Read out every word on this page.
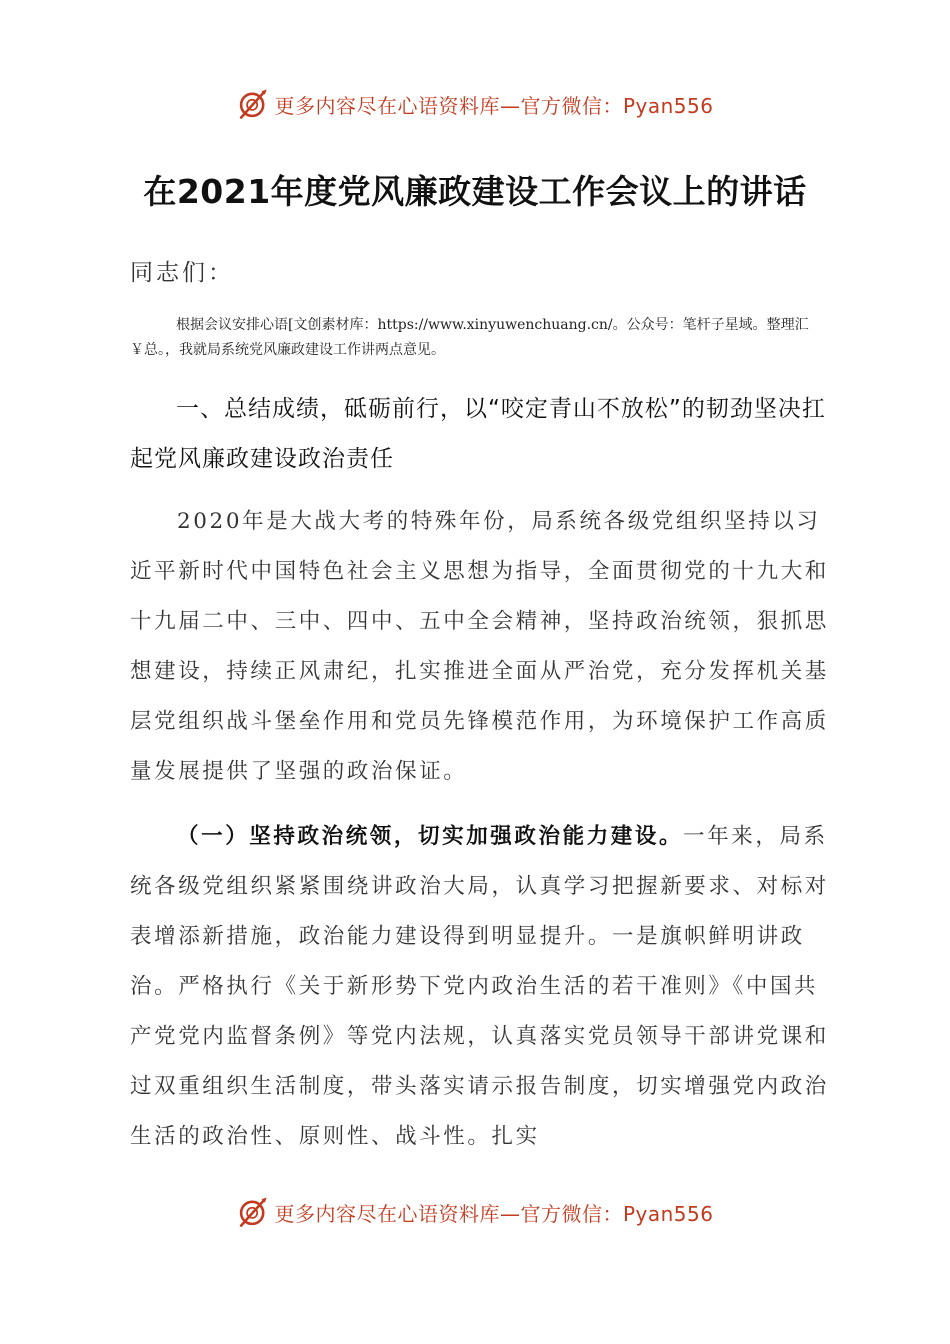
更多内容尽在心语资料库—官方微信：Pyan556
在2021年度党风廉政建设工作会议上的讲话
同志们：
根据会议安排心语[文创素材库：https://www.xinyuwenchuang.cn/。公众号：笔杆子星域。整理汇￥总。，我就局系统党风廉政建设工作讲两点意见。
一、总结成绩，砥砺前行，以“咬定青山不放松”的韧劲坚决扛起党风廉政建设政治责任
2020年是大战大考的特殊年份，局系统各级党组织坚持以习近平新时代中国特色社会主义思想为指导，全面贯彻党的十九大和十九届二中、三中、四中、五中全会精神，坚持政治统领，狠抓思想建设，持续正风肃纪，扎实推进全面从严治党，充分发挥机关基层党组织战斗堡垒作用和党员先锋模范作用，为环境保护工作高质量发展提供了坚强的政治保证。
（一）坚持政治统领，切实加强政治能力建设。一年来，局系统各级党组织紧紧围绕讲政治大局，认真学习把握新要求、对标对表增添新措施，政治能力建设得到明显提升。一是旗帜鲜明讲政治。严格执行《关于新形势下党内政治生活的若干准则》《中国共产党党内监督条例》等党内法规，认真落实党员领导干部讲党课和过双重组织生活制度，带头落实请示报告制度，切实增强党内政治生活的政治性、原则性、战斗性。扎实
更多内容尽在心语资料库—官方微信：Pyan556
